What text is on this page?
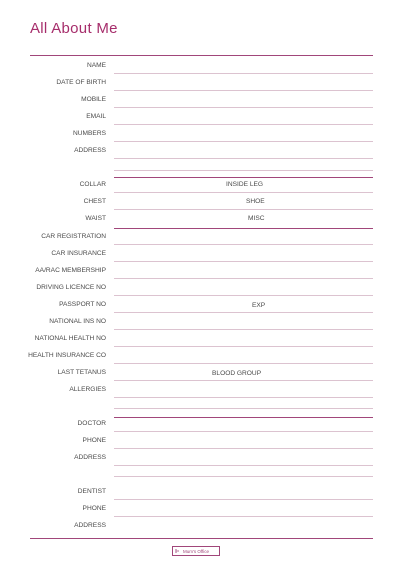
All About Me
NAME
DATE OF BIRTH
MOBILE
EMAIL
NUMBERS
ADDRESS
COLLAR	INSIDE LEG
CHEST	SHOE
WAIST	MISC
CAR REGISTRATION
CAR INSURANCE
AA/RAC MEMBERSHIP
DRIVING LICENCE NO
PASSPORT NO	EXP
NATIONAL INS NO
NATIONAL HEALTH NO
HEALTH INSURANCE CO
LAST TETANUS	BLOOD GROUP
ALLERGIES
DOCTOR
PHONE
ADDRESS
DENTIST
PHONE
ADDRESS
Mum's Office
